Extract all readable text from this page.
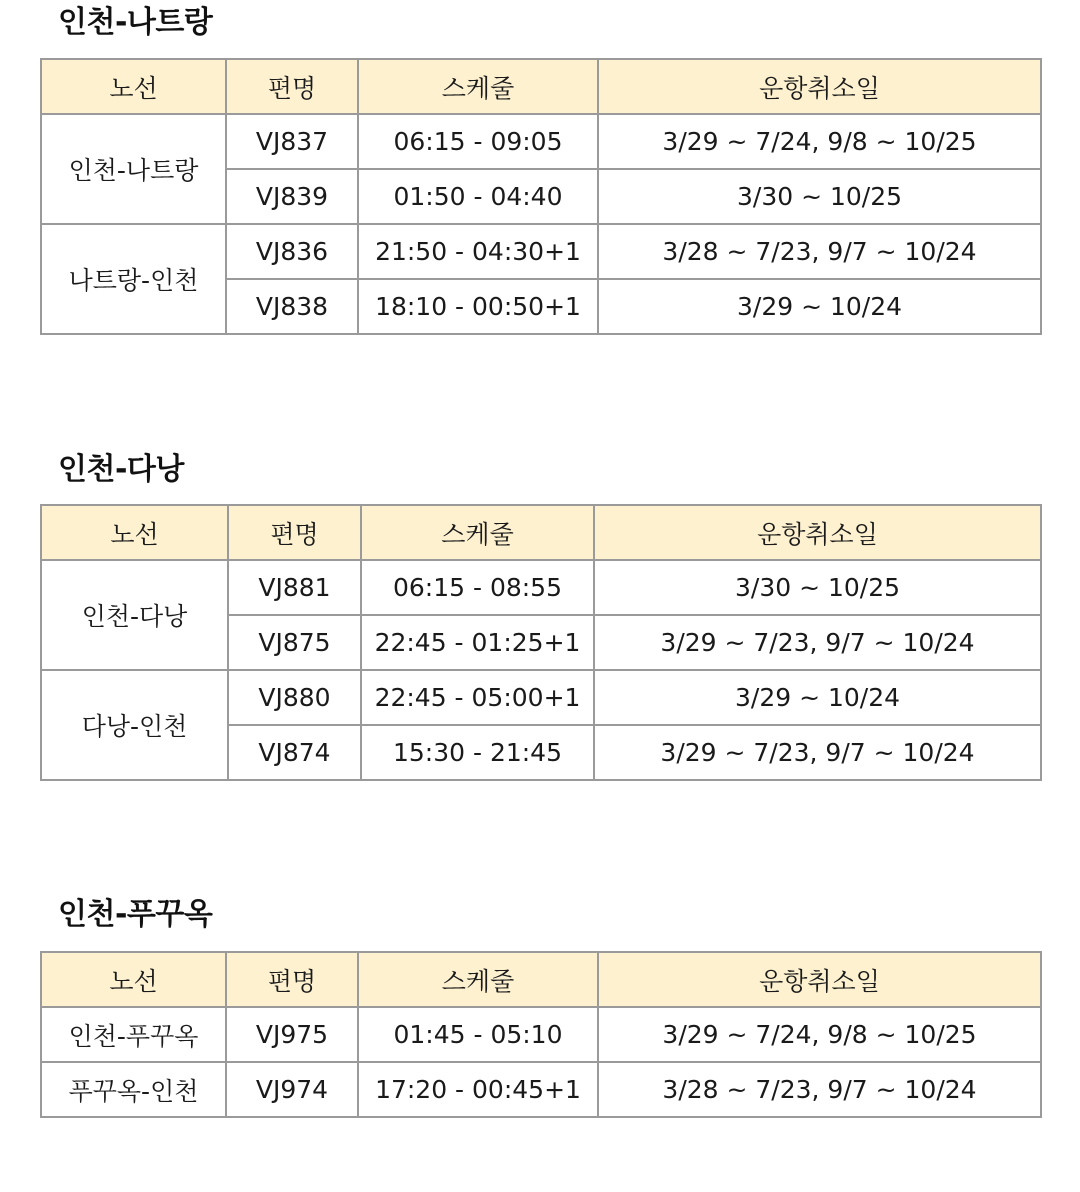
인천-나트랑
노선	편명	스케줄	운항취소일
인천-나트랑	VJ837	06:15 - 09:05	3/29 ~ 7/24, 9/8 ~ 10/25
	VJ839	01:50 - 04:40	3/30 ~ 10/25
나트랑-인천	VJ836	21:50 - 04:30+1	3/28 ~ 7/23, 9/7 ~ 10/24
	VJ838	18:10 - 00:50+1	3/29 ~ 10/24
인천-다낭
노선	편명	스케줄	운항취소일
인천-다낭	VJ881	06:15 - 08:55	3/30 ~ 10/25
	VJ875	22:45 - 01:25+1	3/29 ~ 7/23, 9/7 ~ 10/24
다낭-인천	VJ880	22:45 - 05:00+1	3/29 ~ 10/24
	VJ874	15:30 - 21:45	3/29 ~ 7/23, 9/7 ~ 10/24
인천-푸꾸옥
노선	편명	스케줄	운항취소일
인천-푸꾸옥	VJ975	01:45 - 05:10	3/29 ~ 7/24, 9/8 ~ 10/25
푸꾸옥-인천	VJ974	17:20 - 00:45+1	3/28 ~ 7/23, 9/7 ~ 10/24
